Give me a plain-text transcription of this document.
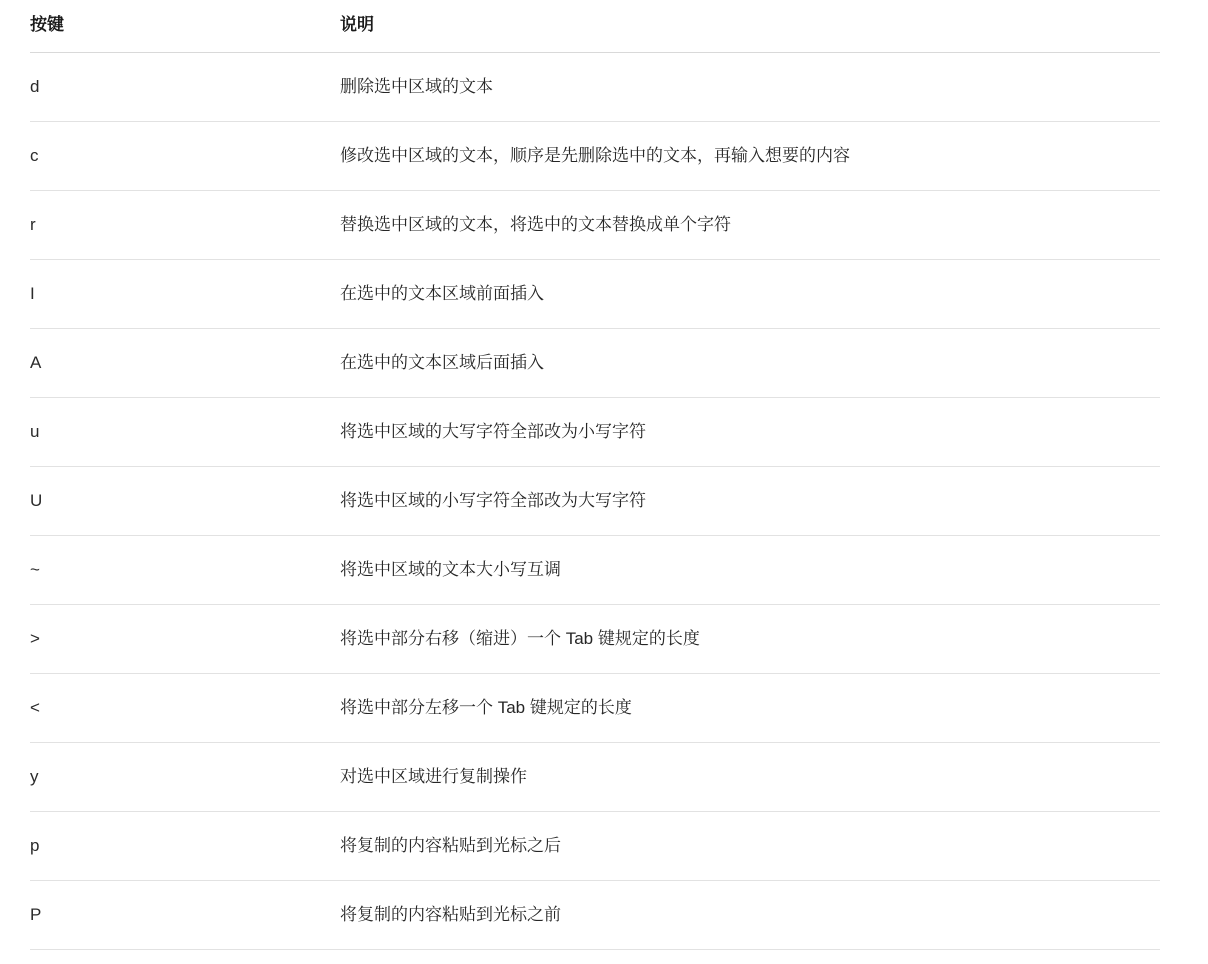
按键	说明
d	删除选中区域的文本
c	修改选中区域的文本，顺序是先删除选中的文本，再输入想要的内容
r	替换选中区域的文本，将选中的文本替换成单个字符
I	在选中的文本区域前面插入
A	在选中的文本区域后面插入
u	将选中区域的大写字符全部改为小写字符
U	将选中区域的小写字符全部改为大写字符
~	将选中区域的文本大小写互调
>	将选中部分右移（缩进）一个 Tab 键规定的长度
<	将选中部分左移一个 Tab 键规定的长度
y	对选中区域进行复制操作
p	将复制的内容粘贴到光标之后
P	将复制的内容粘贴到光标之前
